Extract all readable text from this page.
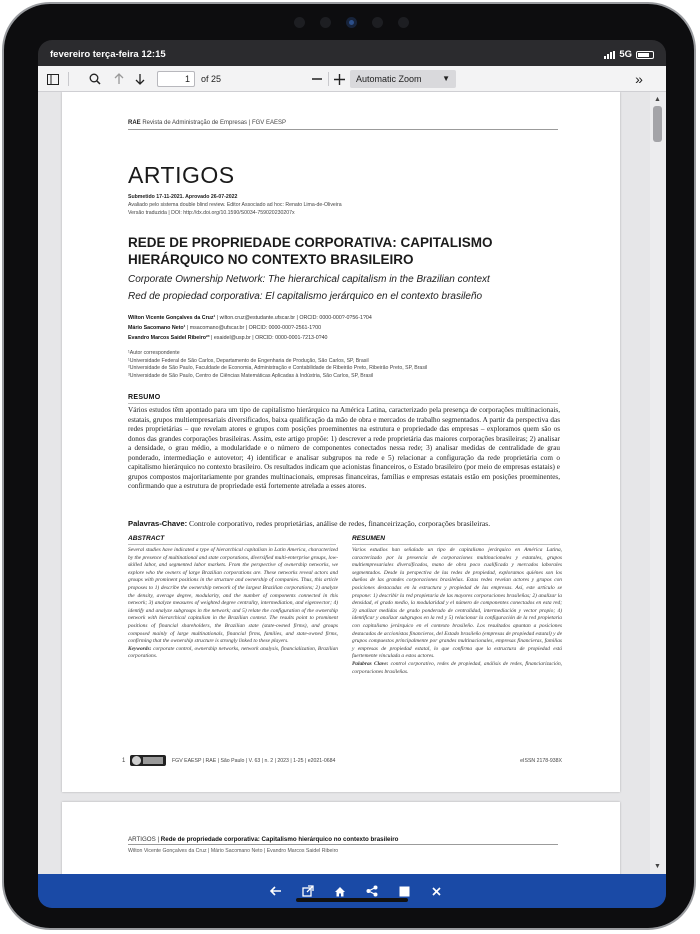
fevereiro terça-feira 12:15	5G
1	of 25	Automatic Zoom	▼	»
RAE Revista de Administração de Empresas | FGV EAESP
ARTIGOS
Submetido 17-11-2021. Aprovado 26-07-2022
Avaliado pelo sistema double blind review. Editor Associado ad hoc: Renato Lima-de-Oliveira
Versão traduzida | DOI: http://dx.doi.org/10.1590/S0034-759020230207x
REDE DE PROPRIEDADE CORPORATIVA: CAPITALISMO HIERÁRQUICO NO CONTEXTO BRASILEIRO
Corporate Ownership Network: The hierarchical capitalism in the Brazilian context
Red de propiedad corporativa: El capitalismo jerárquico en el contexto brasileño
Wilton Vicente Gonçalves da Cruz¹ | wilton.cruz@estudante.ufscar.br | ORCID: 0000-000?-0?56-1?04
Mário Sacomano Neto¹ | msacomano@ufscar.br | ORCID: 0000-000?-2561-1?00
Evandro Marcos Saidel Ribeiro²³ | esaidel@usp.br | ORCID: 0000-0001-7213-0?40
¹Autor correspondente
¹Universidade Federal de São Carlos, Departamento de Engenharia de Produção, São Carlos, SP, Brasil
²Universidade de São Paulo, Faculdade de Economia, Administração e Contabilidade de Ribeirão Preto, Ribeirão Preto, SP, Brasil
³Universidade de São Paulo, Centro de Ciências Matemáticas Aplicadas à Indústria, São Carlos, SP, Brasil
RESUMO
Vários estudos têm apontado para um tipo de capitalismo hierárquico na América Latina, caracterizado pela presença de corporações multinacionais, estatais, grupos multiempresariais diversificados, baixa qualificação da mão de obra e mercados de trabalho segmentados. A partir da perspectiva das redes proprietárias – que revelam atores e grupos com posições proeminentes na estrutura e propriedade das empresas – exploramos quem são os donos das grandes corporações brasileiras. Assim, este artigo propõe: 1) descrever a rede proprietária das maiores corporações brasileiras; 2) analisar a densidade, o grau médio, a modularidade e o número de componentes conectados nessa rede; 3) analisar medidas de centralidade de grau ponderado, intermediação e autovetor; 4) identificar e analisar subgrupos na rede e 5) relacionar a configuração da rede proprietária com o capitalismo hierárquico no contexto brasileiro. Os resultados indicam que acionistas financeiros, o Estado brasileiro (por meio de empresas estatais) e grupos compostos majoritariamente por grandes multinacionais, empresas financeiras, famílias e empresas estatais estão em posições proeminentes, confirmando que a estrutura de propriedade está fortemente atrelada a esses atores.
Palavras-Chave: Controle corporativo, redes proprietárias, análise de redes, financeirização, corporações brasileiras.
ABSTRACT
Several studies have indicated a type of hierarchical capitalism in Latin America, characterized by the presence of multinational and state corporations, diversified multi-enterprise groups, low-skilled labor, and segmented labor markets. From the perspective of ownership networks, we explore who the owners of large Brazilian corporations are. These networks reveal actors and groups with prominent positions in the structure and ownership of companies. Thus, this article proposes to 1) describe the ownership network of the largest Brazilian corporations; 2) analyze the density, average degree, modularity, and the number of components connected in this network; 3) analyze measures of weighted degree centrality, intermediation, and eigenvector; 4) identify and analyze subgroups in the network; and 5) relate the configuration of the ownership network with hierarchical capitalism in the Brazilian context. The results point to prominent positions of financial shareholders, the Brazilian state (state-owned firms), and groups composed mainly of large multinationals, financial firms, families, and state-owned firms, confirming that the ownership structure is strongly linked to these players.
Keywords: corporate control, ownership networks, network analysis, financialization, Brazilian corporations.
RESUMEN
Varios estudios han señalado un tipo de capitalismo jerárquico en América Latina, caracterizado por la presencia de corporaciones multinacionales y estatales, grupos multiempresariales diversificados, mano de obra poco cualificada y mercados laborales segmentados. Desde la perspectiva de las redes de propiedad, exploramos quiénes son los dueños de las grandes corporaciones brasileñas. Estas redes revelan actores y grupos con posiciones destacadas en la estructura y propiedad de las empresas. Así, este artículo se propone: 1) describir la red propietaria de las mayores corporaciones brasileñas; 2) analizar la densidad, el grado medio, la modularidad y el número de componentes conectados en esta red; 3) analizar medidas de grado ponderado de centralidad, intermediación y vector propio; 4) identificar y analizar subgrupos en la red y 5) relacionar la configuración de la red propietaria con capitalismo jerárquico en el contexto brasileño. Los resultados apuntan a posiciones destacadas de accionistas financieros, del Estado brasileño (empresas de propiedad estatal) y de grupos compuestos principalmente por grandes multinacionales, empresas financieras, familias y empresas de propiedad estatal, lo que confirma que la estructura de propiedad está fuertemente vinculada a estos actores.
Palabras Clave: control corporativo, redes de propiedad, análisis de redes, financiarización, corporaciones brasileñas.
1	FGV EAESP | RAE | São Paulo | V. 63 | n. 2 | 2023 | 1-25 | e2021-0684	eISSN 2178-938X
ARTIGOS | Rede de propriedade corporativa: Capitalismo hierárquico no contexto brasileiro
Wilton Vicente Gonçalves da Cruz | Mário Sacomano Neto | Evandro Marcos Saidel Ribeiro
▲
▼
